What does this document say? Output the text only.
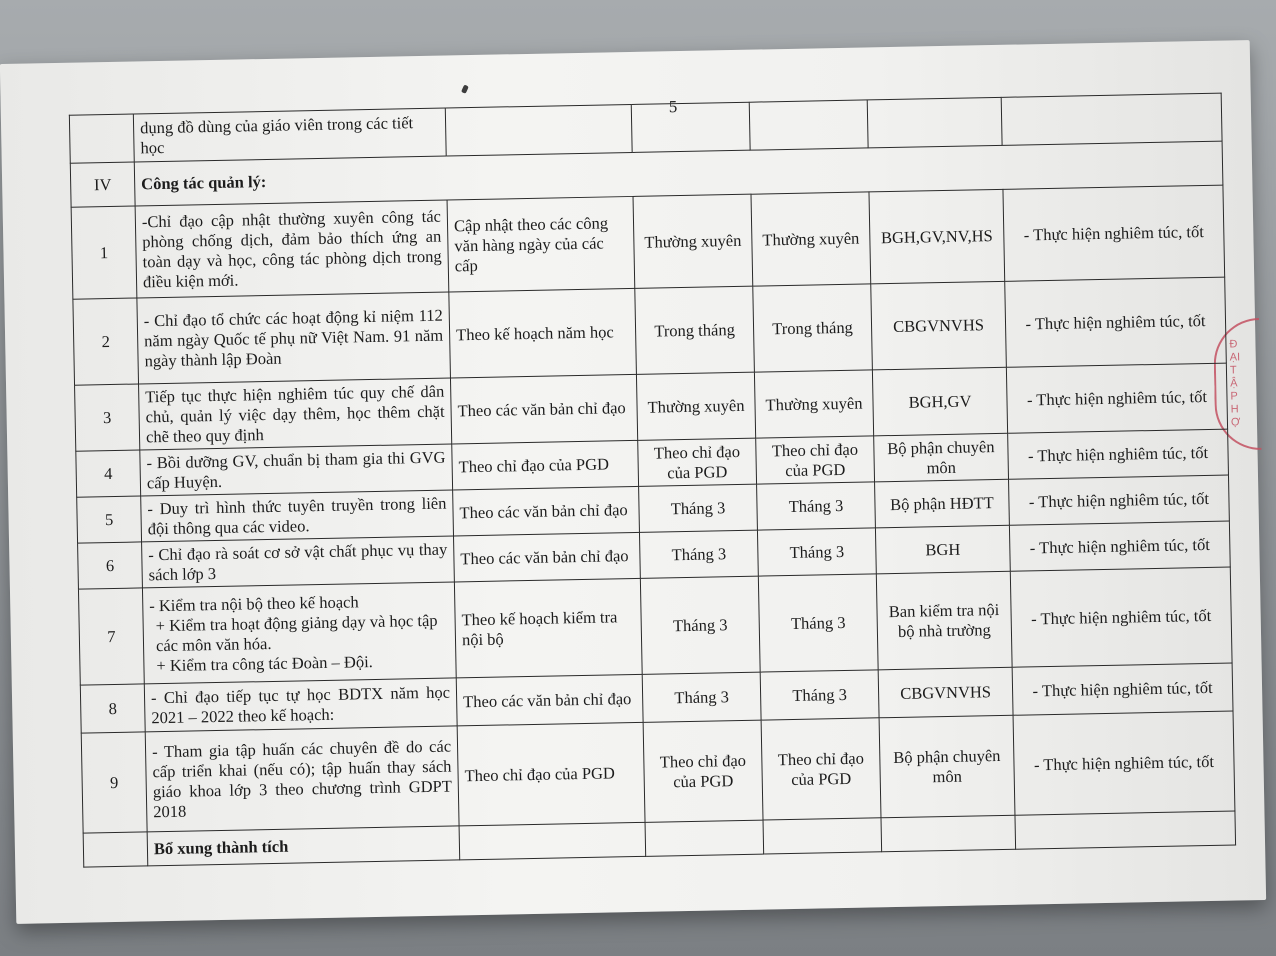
5
ĐẠI TẬP HỢ
	dụng đồ dùng của giáo viên trong các tiết học					
IV	Công tác quản lý:					
1	-Chỉ đạo cập nhật thường xuyên công tác phòng chống dịch, đảm bảo thích ứng an toàn dạy và học, công tác phòng dịch trong điều kiện mới.	Cập nhật theo các công văn hàng ngày của các cấp	Thường xuyên	Thường xuyên	BGH,GV,NV,HS	- Thực hiện nghiêm túc, tốt
2	- Chỉ đạo tổ chức các hoạt động kỉ niệm 112 năm ngày Quốc tế phụ nữ Việt Nam. 91 năm ngày thành lập Đoàn	Theo kế hoạch năm học	Trong tháng	Trong tháng	CBGVNVHS	- Thực hiện nghiêm túc, tốt
3	Tiếp tục thực hiện nghiêm túc quy chế dân chủ, quản lý việc dạy thêm, học thêm chặt chẽ theo quy định	Theo các văn bản chỉ đạo	Thường xuyên	Thường xuyên	BGH,GV	- Thực hiện nghiêm túc, tốt
4	- Bồi dưỡng GV, chuẩn bị tham gia thi GVG cấp Huyện.	Theo chỉ đạo của PGD	Theo chỉ đạo của PGD	Theo chỉ đạo của PGD	Bộ phận chuyên môn	- Thực hiện nghiêm túc, tốt
5	- Duy trì hình thức tuyên truyền trong liên đội thông qua các video.	Theo các văn bản chỉ đạo	Tháng 3	Tháng 3	Bộ phận HĐTT	- Thực hiện nghiêm túc, tốt
6	- Chỉ đạo rà soát cơ sở vật chất phục vụ thay sách lớp 3	Theo các văn bản chỉ đạo	Tháng 3	Tháng 3	BGH	- Thực hiện nghiêm túc, tốt
7	- Kiểm tra nội bộ theo kế hoạch
+ Kiểm tra hoạt động giảng dạy và học tập các môn văn hóa.
+ Kiểm tra công tác Đoàn – Đội.	Theo kế hoạch kiểm tra nội bộ	Tháng 3	Tháng 3	Ban kiểm tra nội bộ nhà trường	- Thực hiện nghiêm túc, tốt
8	- Chỉ đạo tiếp tục tự học BDTX năm học 2021 – 2022 theo kế hoạch:	Theo các văn bản chỉ đạo	Tháng 3	Tháng 3	CBGVNVHS	- Thực hiện nghiêm túc, tốt
9	- Tham gia tập huấn các chuyên đề do các cấp triển khai (nếu có); tập huấn thay sách giáo khoa lớp 3 theo chương trình GDPT 2018	Theo chỉ đạo của PGD	Theo chỉ đạo của PGD	Theo chỉ đạo của PGD	Bộ phận chuyên môn	- Thực hiện nghiêm túc, tốt
	Bổ xung thành tích					
